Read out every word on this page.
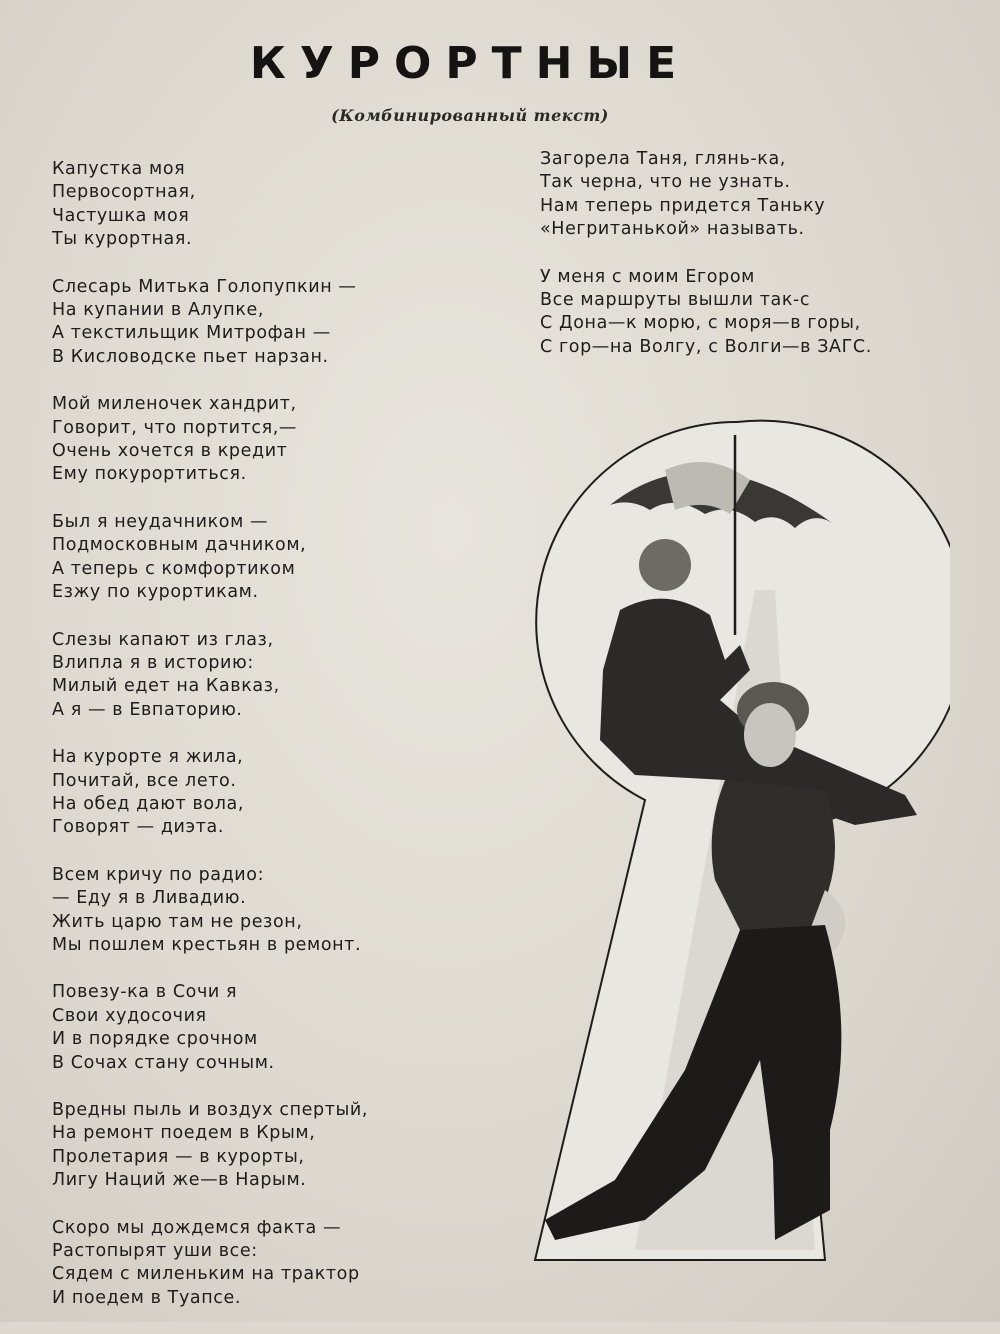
КУРОРТНЫЕ
(Комбинированный текст)
Капустка моя
Первосортная,
Частушка моя
Ты курортная.
Слесарь Митька Голопупкин —
На купании в Алупке,
А текстильщик Митрофан —
В Кисловодске пьет нарзан.
Мой миленочек хандрит,
Говорит, что портится,—
Очень хочется в кредит
Ему покурортиться.
Был я неудачником —
Подмосковным дачником,
А теперь с комфортиком
Езжу по курортикам.
Слезы капают из глаз,
Влипла я в историю:
Милый едет на Кавказ,
А я — в Евпаторию.
На курорте я жила,
Почитай, все лето.
На обед дают вола,
Говорят — диэта.
Всем кричу по радио:
— Еду я в Ливадию.
Жить царю там не резон,
Мы пошлем крестьян в ремонт.
Повезу-ка в Сочи я
Свои худосочия
И в порядке срочном
В Сочах стану сочным.
Вредны пыль и воздух спертый,
На ремонт поедем в Крым,
Пролетария — в курорты,
Лигу Наций же—в Нарым.
Скоро мы дождемся факта —
Растопырят уши все:
Сядем с миленьким на трактор
И поедем в Туапсе.
Загорела Таня, глянь-ка,
Так черна, что не узнать.
Нам теперь придется Таньку
«Негританькой» называть.
У меня с моим Егором
Все маршруты вышли так-с
С Дона—к морю, с моря—в горы,
С гор—на Волгу, с Волги—в ЗАГС.
